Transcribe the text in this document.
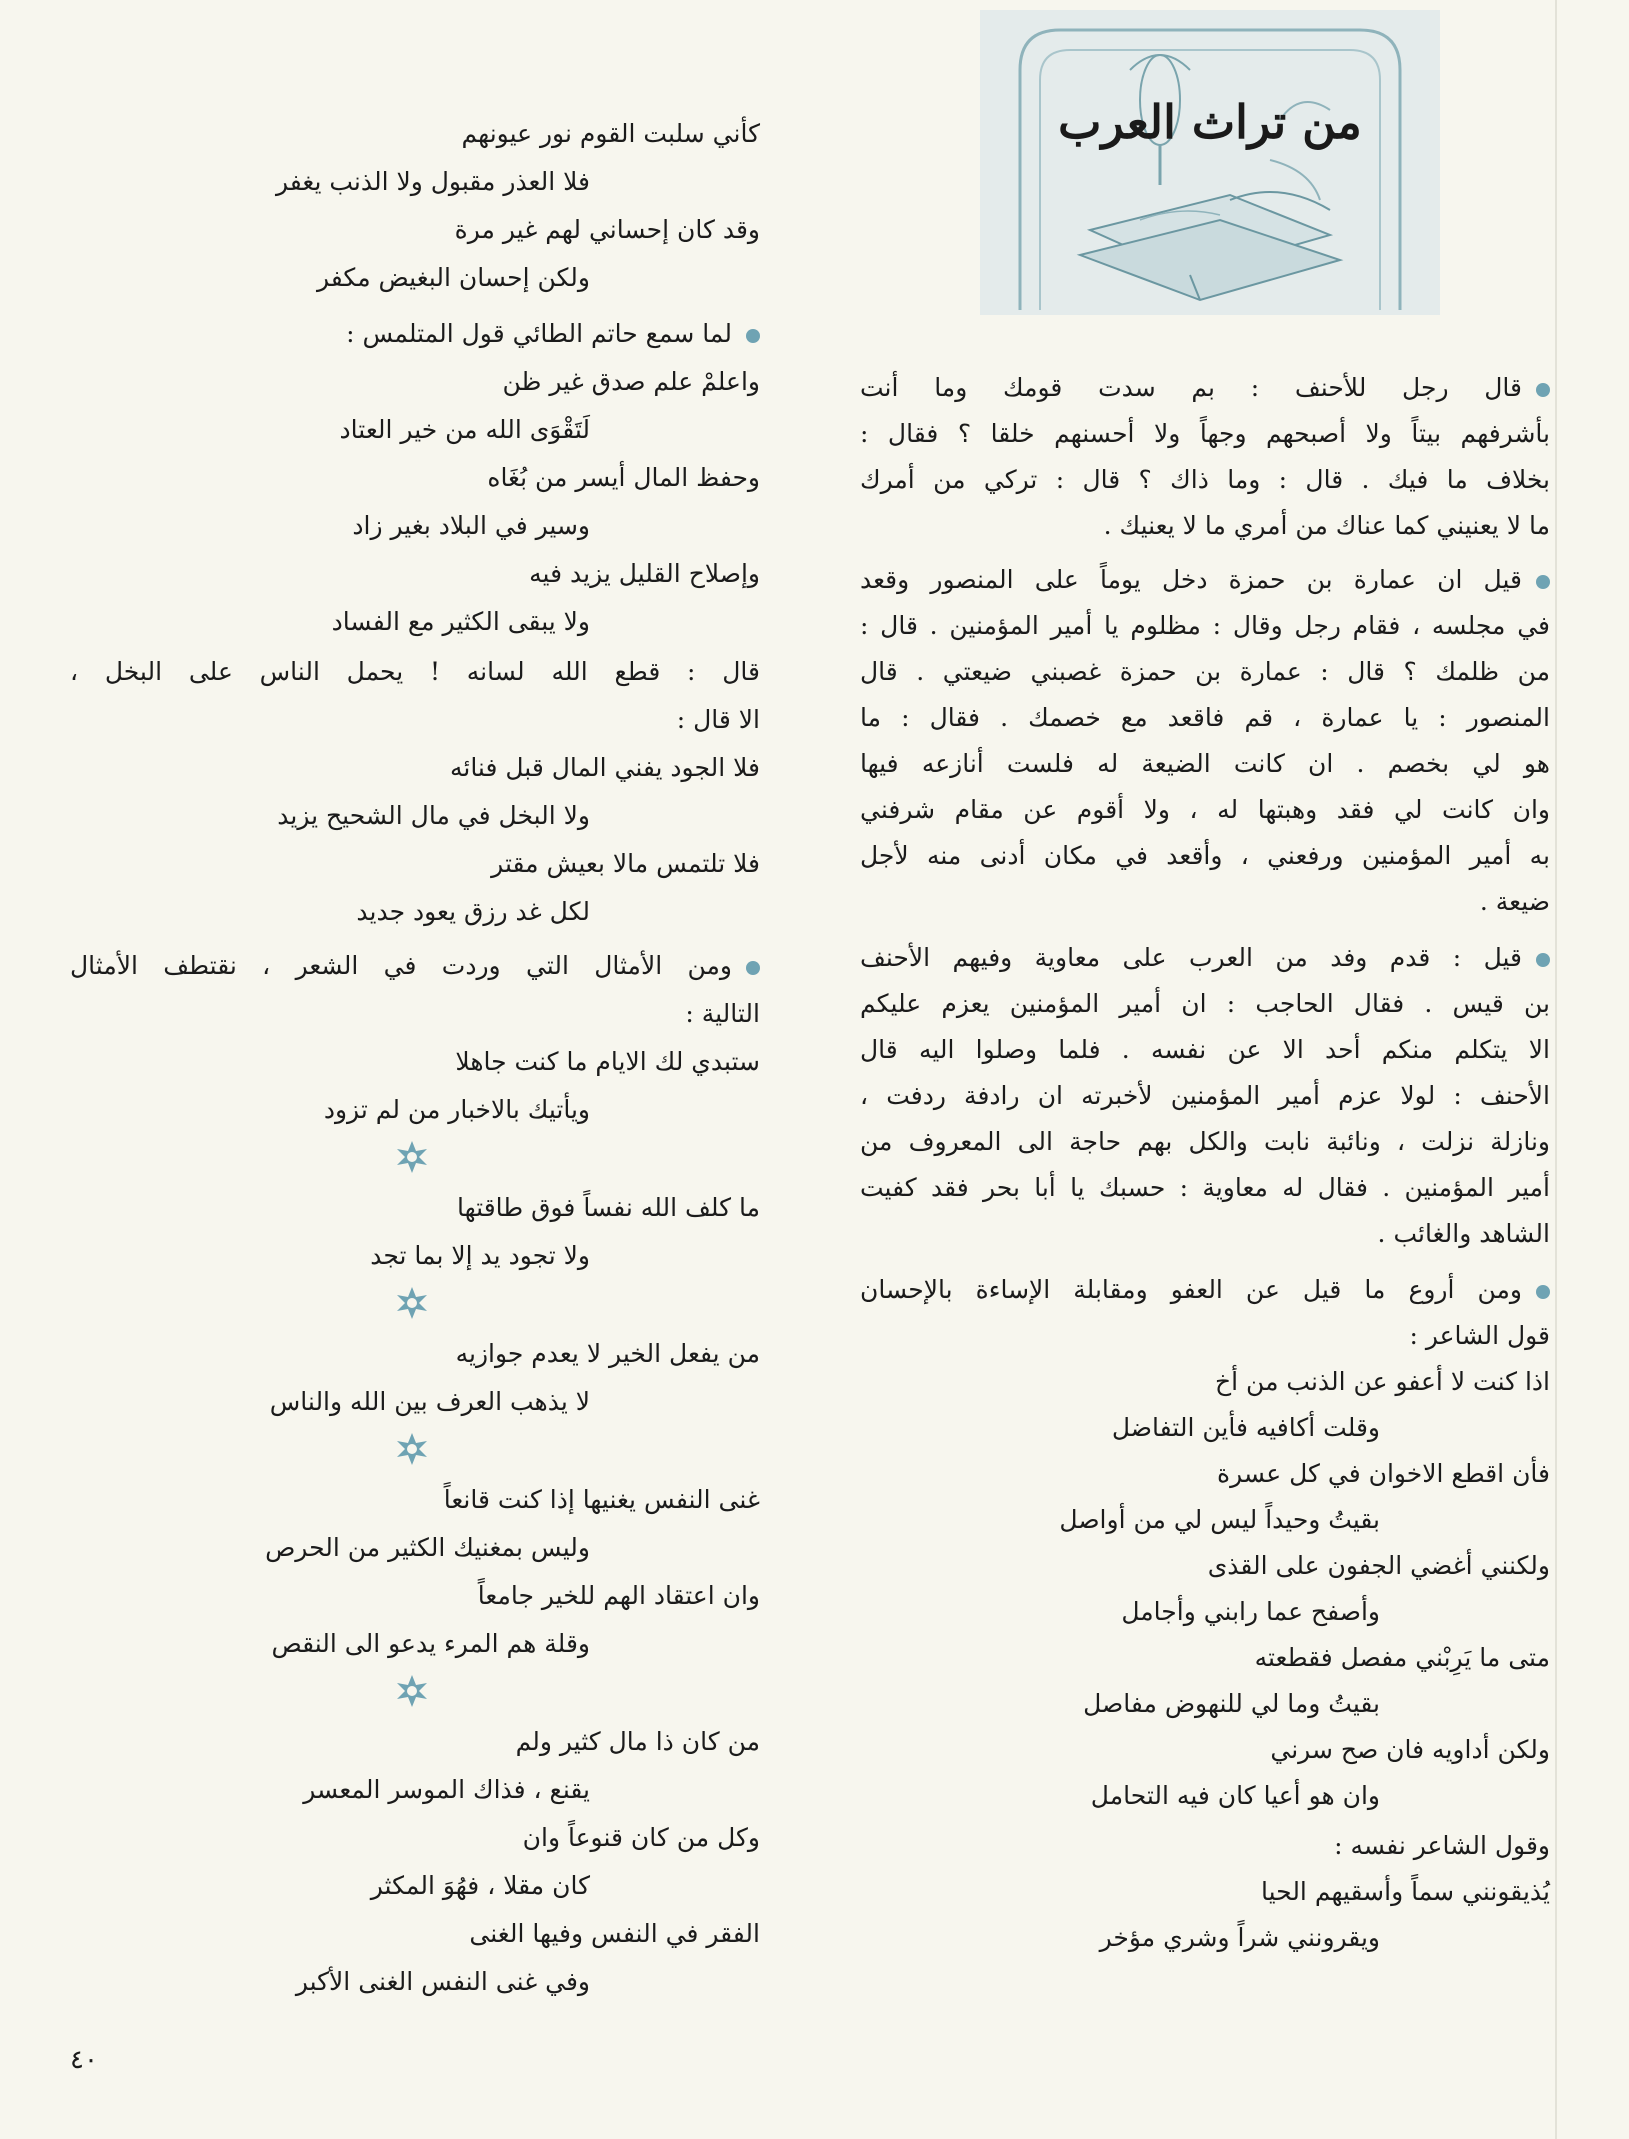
من تراث العرب
قال رجل للأحنف : بم سدت قومك وما أنت
بأشرفهم بيتاً ولا أصبحهم وجهاً ولا أحسنهم خلقا ؟ فقال :
بخلاف ما فيك . قال : وما ذاك ؟ قال : تركي من أمرك
ما لا يعنيني كما عناك من أمري ما لا يعنيك .
قيل ان عمارة بن حمزة دخل يوماً على المنصور وقعد
في مجلسه ، فقام رجل وقال : مظلوم يا أمير المؤمنين . قال :
من ظلمك ؟ قال : عمارة بن حمزة غصبني ضيعتي . قال
المنصور : يا عمارة ، قم فاقعد مع خصمك . فقال : ما
هو لي بخصم . ان كانت الضيعة له فلست أنازعه فيها
وان كانت لي فقد وهبتها له ، ولا أقوم عن مقام شرفني
به أمير المؤمنين ورفعني ، وأقعد في مكان أدنى منه لأجل
ضيعة .
قيل : قدم وفد من العرب على معاوية وفيهم الأحنف
بن قيس . فقال الحاجب : ان أمير المؤمنين يعزم عليكم
الا يتكلم منكم أحد الا عن نفسه . فلما وصلوا اليه قال
الأحنف : لولا عزم أمير المؤمنين لأخبرته ان رادفة ردفت ،
ونازلة نزلت ، ونائبة نابت والكل بهم حاجة الى المعروف من
أمير المؤمنين . فقال له معاوية : حسبك يا أبا بحر فقد كفيت
الشاهد والغائب .
ومن أروع ما قيل عن العفو ومقابلة الإساءة بالإحسان
قول الشاعر :
اذا كنت لا أعفو عن الذنب من أخ
وقلت أكافيه فأين التفاضل
فأن اقطع الاخوان في كل عسرة
بقيتُ وحيداً ليس لي من أواصل
ولكنني أغضي الجفون على القذى
وأصفح عما رابني وأجامل
متى ما يَرِبْني مفصل فقطعته
بقيتُ وما لي للنهوض مفاصل
ولكن أداويه فان صح سرني
وان هو أعيا كان فيه التحامل
وقول الشاعر نفسه :
يُذيقونني سماً وأسقيهم الحيا
ويقرونني شراً وشري مؤخر
كأني سلبت القوم نور عيونهم
فلا العذر مقبول ولا الذنب يغفر
وقد كان إحساني لهم غير مرة
ولكن إحسان البغيض مكفر
لما سمع حاتم الطائي قول المتلمس :
واعلمْ علم صدق غير ظن
لَتَقْوَى الله من خير العتاد
وحفظ المال أيسر من بُغَاه
وسير في البلاد بغير زاد
وإصلاح القليل يزيد فيه
ولا يبقى الكثير مع الفساد
قال : قطع الله لسانه ! يحمل الناس على البخل ،
الا قال :
فلا الجود يفني المال قبل فنائه
ولا البخل في مال الشحيح يزيد
فلا تلتمس مالا بعيش مقتر
لكل غد رزق يعود جديد
ومن الأمثال التي وردت في الشعر ، نقتطف الأمثال
التالية :
ستبدي لك الايام ما كنت جاهلا
ويأتيك بالاخبار من لم تزود
ما كلف الله نفساً فوق طاقتها
ولا تجود يد إلا بما تجد
من يفعل الخير لا يعدم جوازيه
لا يذهب العرف بين الله والناس
غنى النفس يغنيها إذا كنت قانعاً
وليس بمغنيك الكثير من الحرص
وان اعتقاد الهم للخير جامعاً
وقلة هم المرء يدعو الى النقص
من كان ذا مال كثير ولم
يقنع ، فذاك الموسر المعسر
وكل من كان قنوعاً وان
كان مقلا ، فهُوَ المكثر
الفقر في النفس وفيها الغنى
وفي غنى النفس الغنى الأكبر
٤٠
